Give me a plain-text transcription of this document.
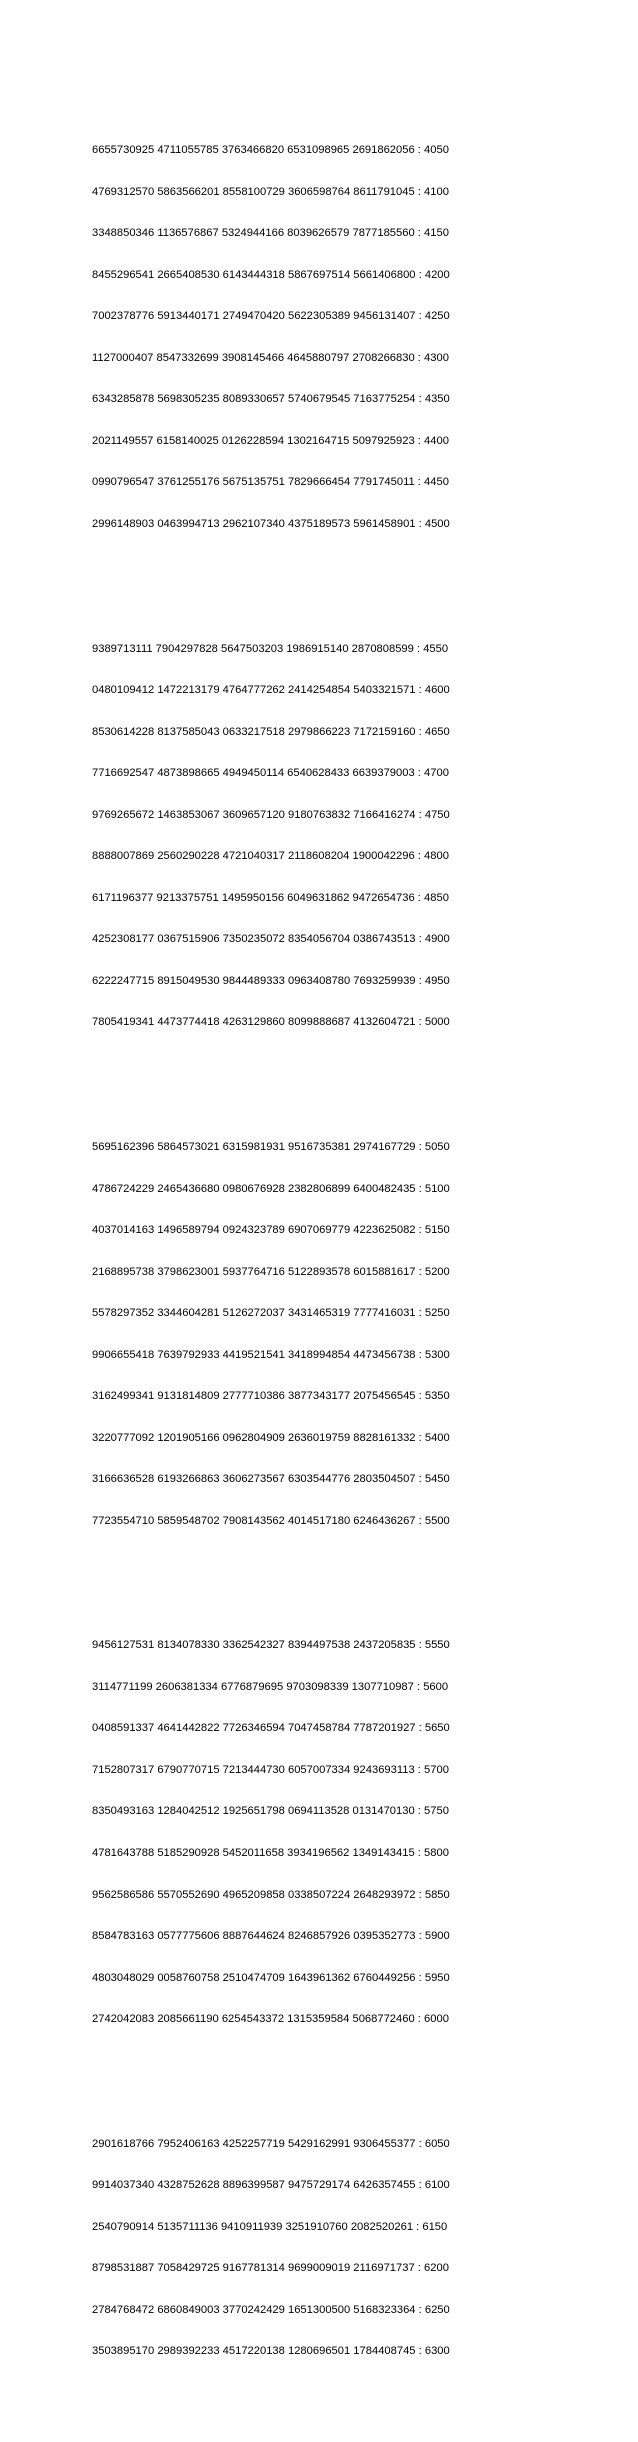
6655730925 4711055785 3763466820 6531098965 2691862056 : 4050

4769312570 5863566201 8558100729 3606598764 8611791045 : 4100

3348850346 1136576867 5324944166 8039626579 7877185560 : 4150

8455296541 2665408530 6143444318 5867697514 5661406800 : 4200

7002378776 5913440171 2749470420 5622305389 9456131407 : 4250

1127000407 8547332699 3908145466 4645880797 2708266830 : 4300

6343285878 5698305235 8089330657 5740679545 7163775254 : 4350

2021149557 6158140025 0126228594 1302164715 5097925923 : 4400

0990796547 3761255176 5675135751 7829666454 7791745011 : 4450

2996148903 0463994713 2962107340 4375189573 5961458901 : 4500

9389713111 7904297828 5647503203 1986915140 2870808599 : 4550

0480109412 1472213179 4764777262 2414254854 5403321571 : 4600

8530614228 8137585043 0633217518 2979866223 7172159160 : 4650

7716692547 4873898665 4949450114 6540628433 6639379003 : 4700

9769265672 1463853067 3609657120 9180763832 7166416274 : 4750

8888007869 2560290228 4721040317 2118608204 1900042296 : 4800

6171196377 9213375751 1495950156 6049631862 9472654736 : 4850

4252308177 0367515906 7350235072 8354056704 0386743513 : 4900

6222247715 8915049530 9844489333 0963408780 7693259939 : 4950

7805419341 4473774418 4263129860 8099888687 4132604721 : 5000

5695162396 5864573021 6315981931 9516735381 2974167729 : 5050

4786724229 2465436680 0980676928 2382806899 6400482435 : 5100

4037014163 1496589794 0924323789 6907069779 4223625082 : 5150

2168895738 3798623001 5937764716 5122893578 6015881617 : 5200

5578297352 3344604281 5126272037 3431465319 7777416031 : 5250

9906655418 7639792933 4419521541 3418994854 4473456738 : 5300

3162499341 9131814809 2777710386 3877343177 2075456545 : 5350

3220777092 1201905166 0962804909 2636019759 8828161332 : 5400

3166636528 6193266863 3606273567 6303544776 2803504507 : 5450

7723554710 5859548702 7908143562 4014517180 6246436267 : 5500

9456127531 8134078330 3362542327 8394497538 2437205835 : 5550

3114771199 2606381334 6776879695 9703098339 1307710987 : 5600

0408591337 4641442822 7726346594 7047458784 7787201927 : 5650

7152807317 6790770715 7213444730 6057007334 9243693113 : 5700

8350493163 1284042512 1925651798 0694113528 0131470130 : 5750

4781643788 5185290928 5452011658 3934196562 1349143415 : 5800

9562586586 5570552690 4965209858 0338507224 2648293972 : 5850

8584783163 0577775606 8887644624 8246857926 0395352773 : 5900

4803048029 0058760758 2510474709 1643961362 6760449256 : 5950

2742042083 2085661190 6254543372 1315359584 5068772460 : 6000

2901618766 7952406163 4252257719 5429162991 9306455377 : 6050

9914037340 4328752628 8896399587 9475729174 6426357455 : 6100

2540790914 5135711136 9410911939 3251910760 2082520261 : 6150

8798531887 7058429725 9167781314 9699009019 2116971737 : 6200

2784768472 6860849003 3770242429 1651300500 5168323364 : 6250

3503895170 2989392233 4517220138 1280696501 1784408745 : 6300
